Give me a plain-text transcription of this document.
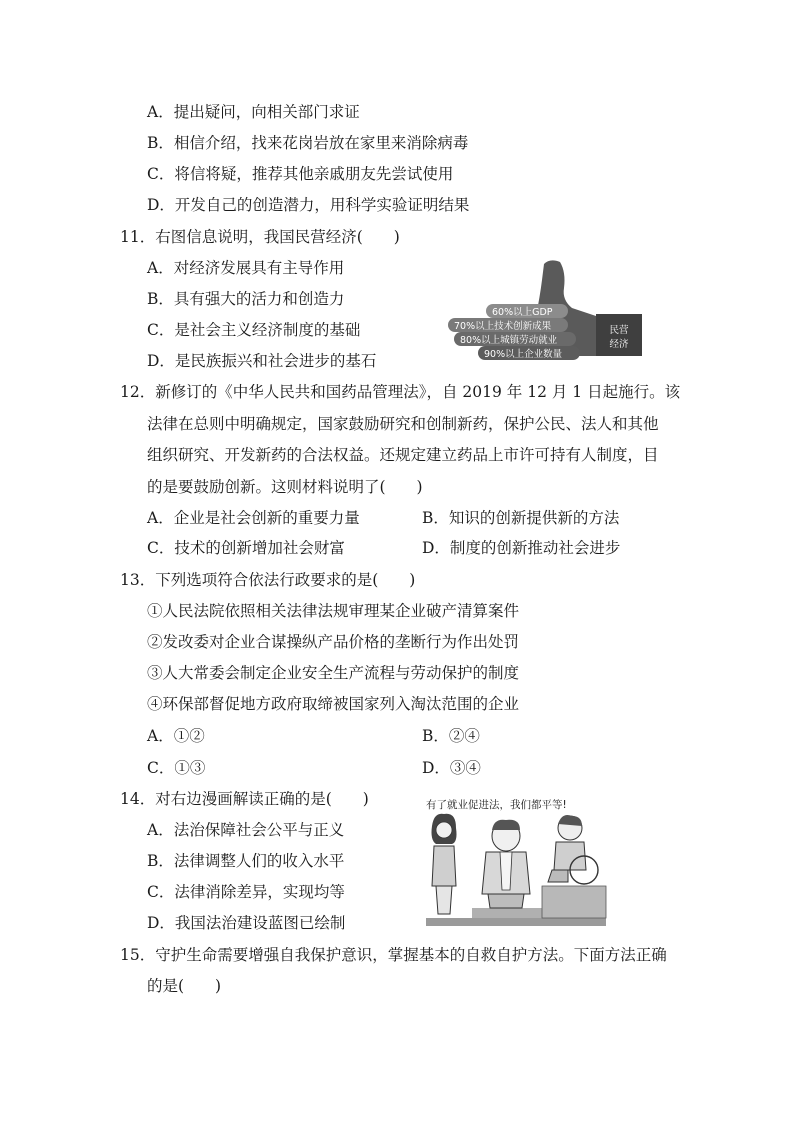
A．提出疑问，向相关部门求证
B．相信介绍，找来花岗岩放在家里来消除病毒
C．将信将疑，推荐其他亲戚朋友先尝试使用
D．开发自己的创造潜力，用科学实验证明结果
11．右图信息说明，我国民营经济(　　)
A．对经济发展具有主导作用
B．具有强大的活力和创造力
C．是社会主义经济制度的基础
D．是民族振兴和社会进步的基石
民营
经济
60%以上GDP
70%以上技术创新成果
80%以上城镇劳动就业
90%以上企业数量
12．新修订的《中华人民共和国药品管理法》，自 2019 年 12 月 1 日起施行。该
法律在总则中明确规定，国家鼓励研究和创制新药，保护公民、法人和其他
组织研究、开发新药的合法权益。还规定建立药品上市许可持有人制度，目
的是要鼓励创新。这则材料说明了(　　)
A．企业是社会创新的重要力量	B．知识的创新提供新的方法
C．技术的创新增加社会财富	D．制度的创新推动社会进步
13．下列选项符合依法行政要求的是(　　)
①人民法院依照相关法律法规审理某企业破产清算案件
②发改委对企业合谋操纵产品价格的垄断行为作出处罚
③人大常委会制定企业安全生产流程与劳动保护的制度
④环保部督促地方政府取缔被国家列入淘汰范围的企业
A．①②	B．②④
C．①③	D．③④
14．对右边漫画解读正确的是(　　)
A．法治保障社会公平与正义
B．法律调整人们的收入水平
C．法律消除差异，实现均等
D．我国法治建设蓝图已绘制
有了就业促进法，我们都平等!
15．守护生命需要增强自我保护意识，掌握基本的自救自护方法。下面方法正确
的是(　　)
